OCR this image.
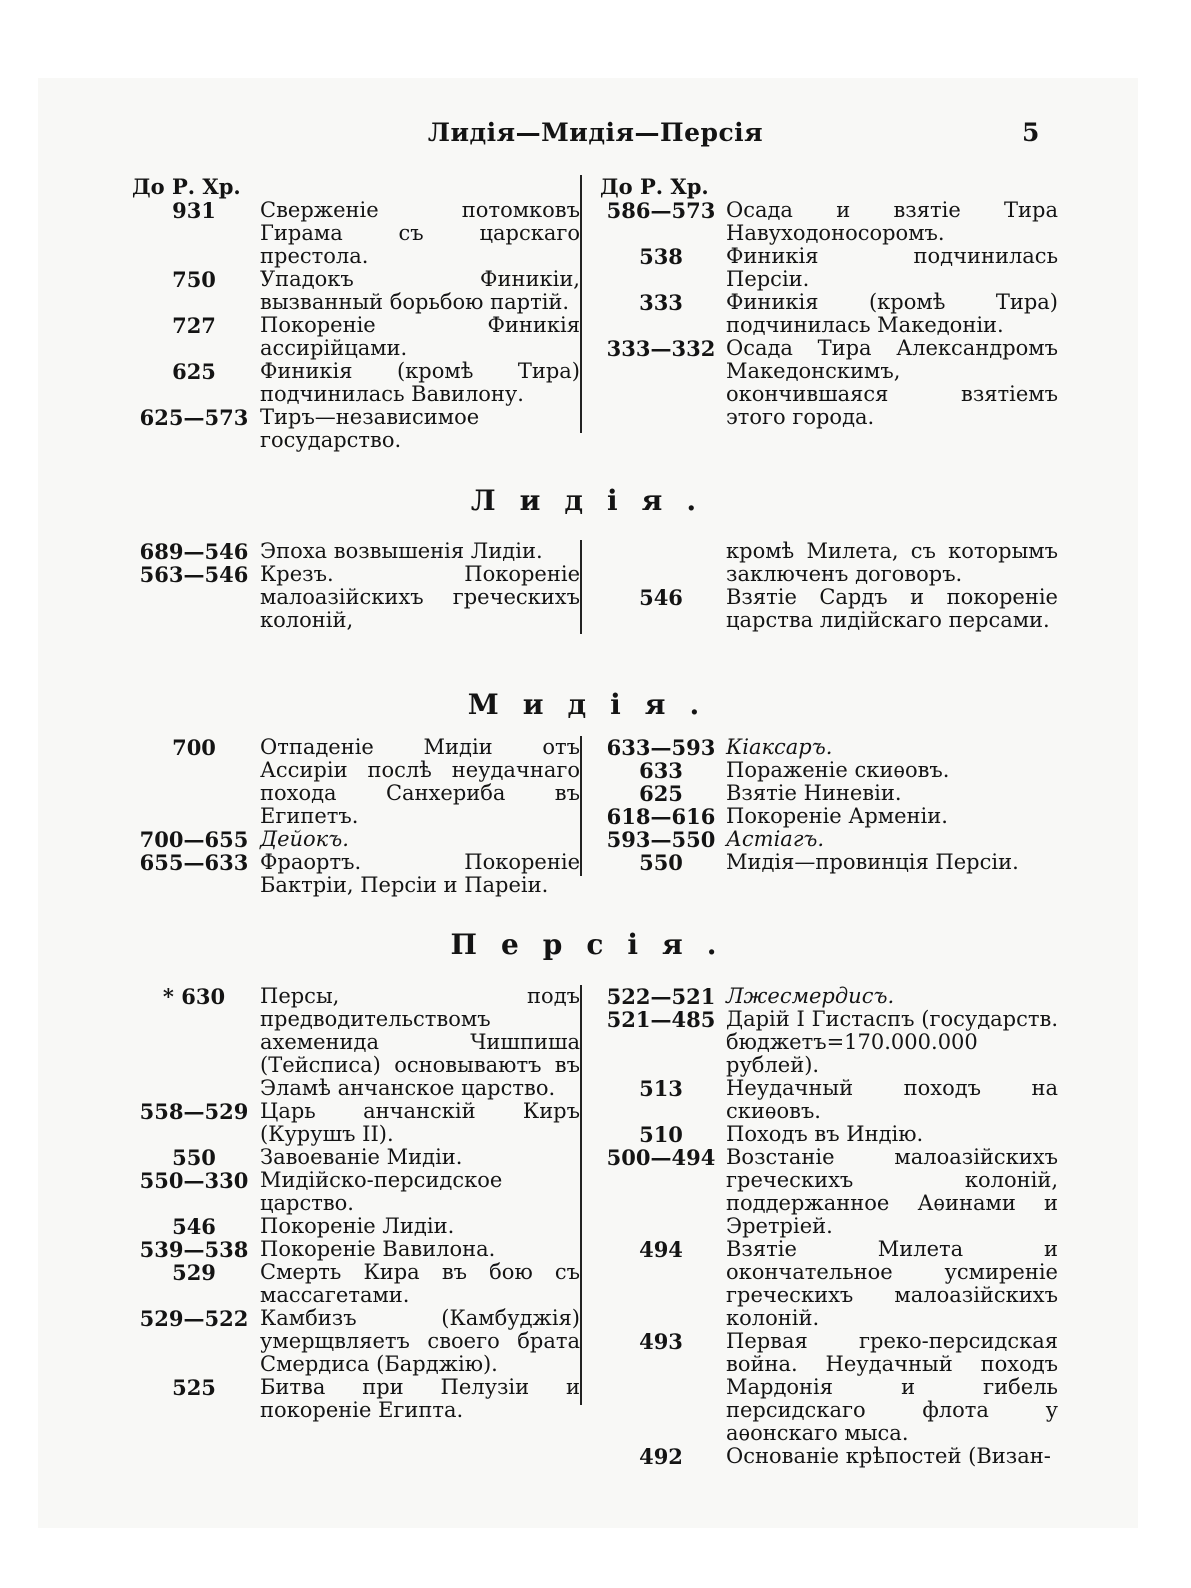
Лидія—Мидія—Персія	5
До Р. Хр.
931	Сверженіе потомковъ Гирама съ царскаго престола.
750	Упадокъ Финикіи, вызванный борьбою партій.
727	Покореніе Финикія ассирійцами.
625	Финикія (кромѣ Тира) подчинилась Вавилону.
625—573 Тиръ—независимое государство.
До Р. Хр.
586—573 Осада и взятіе Тира Навуходоносоромъ.
538	Финикія подчинилась Персіи.
333	Финикія (кромѣ Тира) подчинилась Македоніи.
333—332 Осада Тира Александромъ Македонскимъ, окончившаяся взятіемъ этого города.
Лидія.
689—546 Эпоха возвышенія Лидіи.
563—546 Крезъ. Покореніе малоазійскихъ греческихъ колоній,
кромѣ Милета, съ которымъ заключенъ договоръ.
546	Взятіе Сардъ и покореніе царства лидійскаго персами.
Мидія.
700	Отпаденіе Мидіи отъ Ассиріи послѣ неудачнаго похода Санхериба въ Египетъ.
700—655 Дейокъ.
655—633 Фраортъ. Покореніе Бактріи, Персіи и Пареіи.
633—593 Кіаксаръ.
633	Пораженіе скиѳовъ.
625	Взятіе Ниневіи.
618—616 Покореніе Арменіи.
593—550 Астіагъ.
550	Мидія—провинція Персіи.
Персія.
* 630	Персы, подъ предводительствомъ ахеменида Чишпиша (Тейсписа) основываютъ въ Эламѣ анчанское царство.
558—529 Царь анчанскій Киръ (Курушъ II).
550	Завоеваніе Мидіи.
550—330 Мидійско-персидское царство.
546	Покореніе Лидіи.
539—538 Покореніе Вавилона.
529	Смерть Кира въ бою съ массагетами.
529—522 Камбизъ (Камбуджія) умерщвляетъ своего брата Смердиса (Барджію).
525	Битва при Пелузіи и покореніе Египта.
522—521 Лжесмердисъ.
521—485 Дарій I Гистаспъ (государств. бюджетъ=170.000.000 рублей).
513	Неудачный походъ на скиѳовъ.
510	Походъ въ Индію.
500—494 Возстаніе малоазійскихъ греческихъ колоній, поддержанное Аѳинами и Эретріей.
494	Взятіе Милета и окончательное усмиреніе греческихъ малоазійскихъ колоній.
493	Первая греко-персидская война. Неудачный походъ Мардонія и гибель персидскаго флота у аѳонскаго мыса.
492	Основаніе крѣпостей (Визан-
